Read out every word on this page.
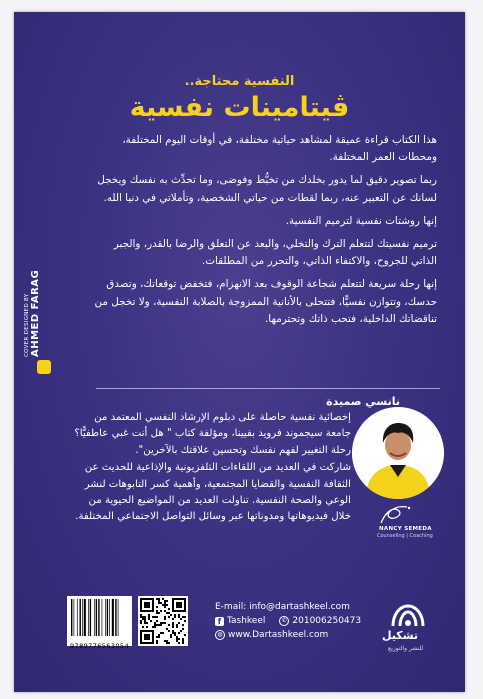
النفسية محتاجة..
ڤيتامينات نفسية

هذا الكتاب قراءة عميقة لمشاهد حياتية مختلفة، في أوقات اليوم المختلفة، ومحطات العمر المختلفة.

ربما تصوير دقيق لما يدور بخلدك من تخبُّط وفوضى، وما تحدِّث به نفسك ويخجل لسانك عن التعبير عنه، ربما لقطات من حياتي الشخصية، وتأملاتي في دنيا الله.

إنها روشتات نفسية لترميم النفسية.

ترميم نفسيتك لتتعلم الترك والتخلي، والبعد عن التعلق والرضا بالقدر، والجبر الذاتي للجروح، والاكتفاء الذاتي، والتحرر من المطلقات.

إنها رحلة سريعة لتتعلم شجاعة الوقوف بعد الانهزام، فتخفض توقعاتك، وتصدق حدسك، وتتوازن نفسيًّا، فتتحلى بالأنانية الممزوجة بالصلابة النفسية، ولا تخجل من تناقضاتك الداخلية، فتحب ذاتك وتحترمها.

نانسي صميدة

إخصائية نفسية حاصلة على دبلوم الإرشاد النفسي المعتمد من جامعة سيجموند فرويد بفيينا، ومؤلفة كتاب " هل أنت غبي عاطفيًّا؟ رحلة التغيير لفهم نفسك وتحسين علاقتك بالآخرين".

شاركت في العديد من اللقاءات التلفزيونية والإذاعية للحديث عن الثقافة النفسية والقضايا المجتمعية، وأهمية كسر التابوهات لنشر الوعي والصحة النفسية. تناولت العديد من المواضيع الحيوية من خلال فيديوهاتها ومدوناتها عبر وسائل التواصل الاجتماعي المختلفة.

NANCY SEMEDA
Counseling | Coaching
COVER DESIGNED BY AHMED FARAG
9789776563054
E-mail: info@dartashkeel.com
f Tashkeel	✆ 201006250473
◍ www.Dartashkeel.com	تشكيل
للنشر والتوزيع
